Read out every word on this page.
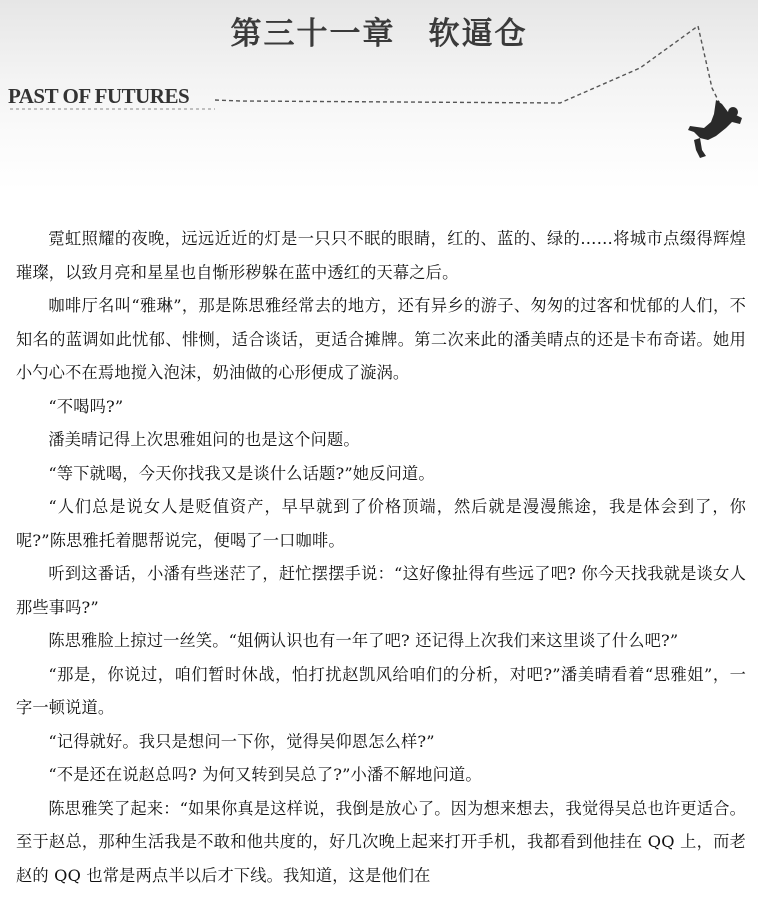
第三十一章　软逼仓
PAST OF FUTURES

霓虹照耀的夜晚，远远近近的灯是一只只不眠的眼睛，红的、蓝的、绿的……将城市点缀得辉煌璀璨，以致月亮和星星也自惭形秽躲在蓝中透红的天幕之后。

咖啡厅名叫“雅琳”，那是陈思雅经常去的地方，还有异乡的游子、匆匆的过客和忧郁的人们，不知名的蓝调如此忧郁、悱恻，适合谈话，更适合摊牌。第二次来此的潘美晴点的还是卡布奇诺。她用小勺心不在焉地搅入泡沫，奶油做的心形便成了漩涡。

“不喝吗?”

潘美晴记得上次思雅姐问的也是这个问题。

“等下就喝，今天你找我又是谈什么话题?”她反问道。

“人们总是说女人是贬值资产，早早就到了价格顶端，然后就是漫漫熊途，我是体会到了，你呢?”陈思雅托着腮帮说完，便喝了一口咖啡。

听到这番话，小潘有些迷茫了，赶忙摆摆手说：“这好像扯得有些远了吧? 你今天找我就是谈女人那些事吗?”

陈思雅脸上掠过一丝笑。“姐俩认识也有一年了吧? 还记得上次我们来这里谈了什么吧?”

“那是，你说过，咱们暂时休战，怕打扰赵凯风给咱们的分析，对吧?”潘美晴看着“思雅姐”，一字一顿说道。

“记得就好。我只是想问一下你，觉得吴仰恩怎么样?”

“不是还在说赵总吗? 为何又转到吴总了?”小潘不解地问道。

陈思雅笑了起来：“如果你真是这样说，我倒是放心了。因为想来想去，我觉得吴总也许更适合。至于赵总，那种生活我是不敢和他共度的，好几次晚上起来打开手机，我都看到他挂在 QQ 上，而老赵的 QQ 也常是两点半以后才下线。我知道，这是他们在
